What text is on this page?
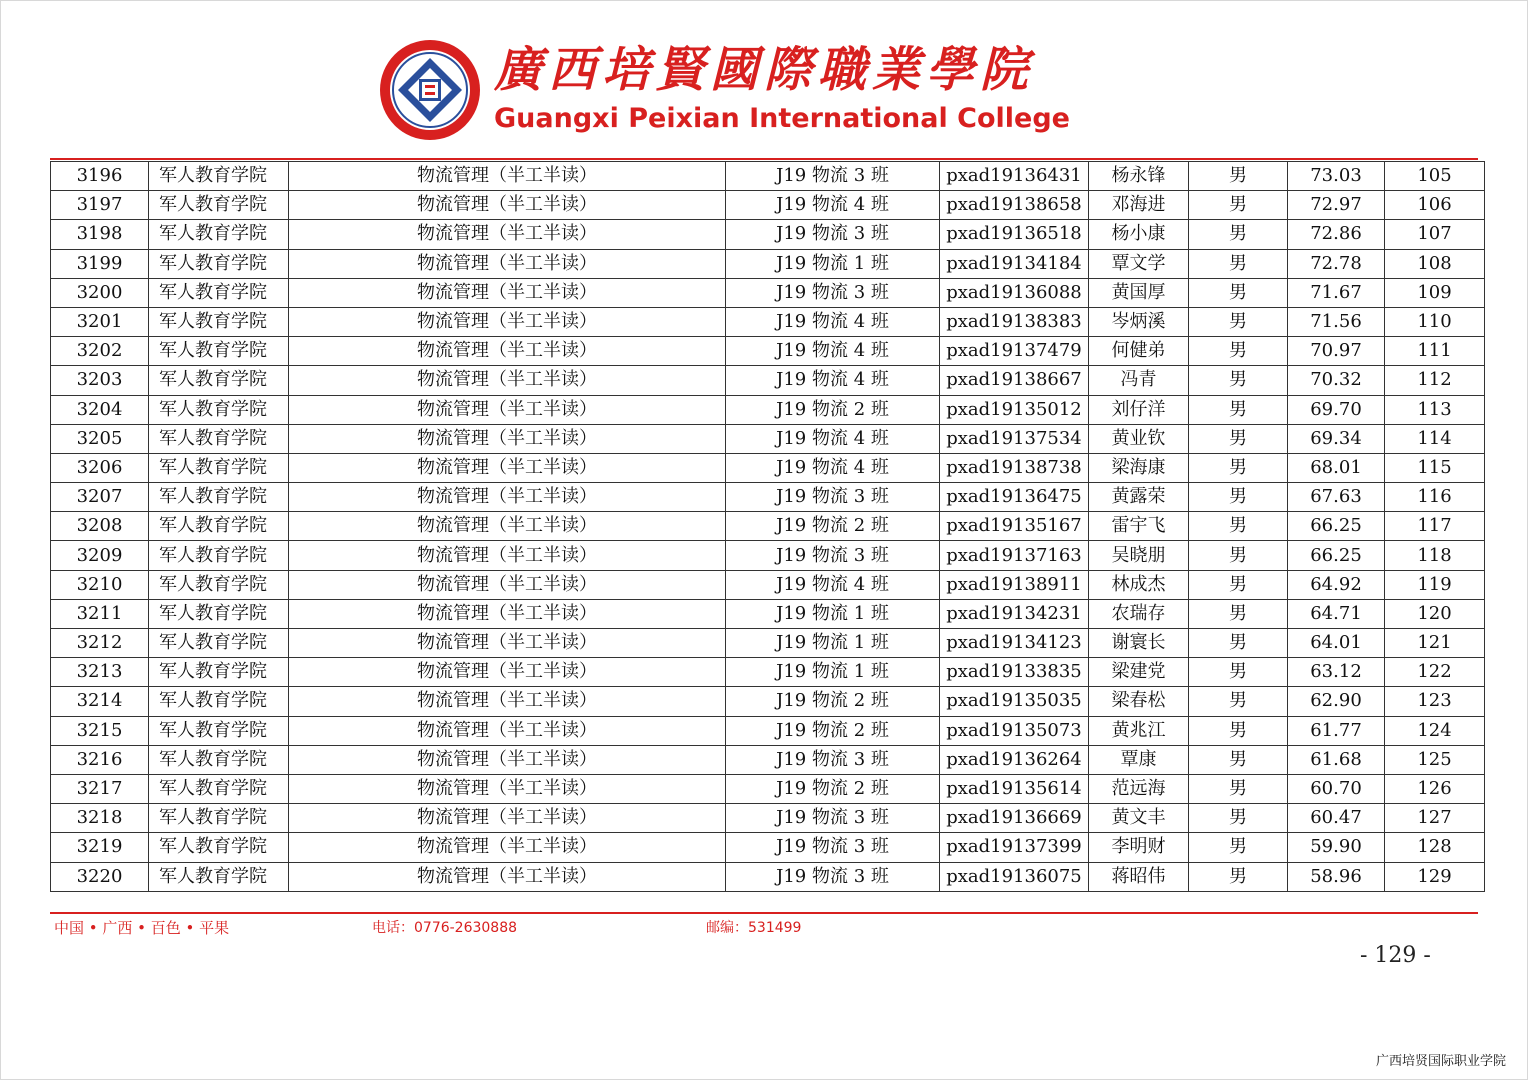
廣西培賢國際職業學院
Guangxi Peixian International College
3196	军人教育学院	物流管理（半工半读）	J19 物流 3 班	pxad19136431	杨永锋	男	73.03	105
3197	军人教育学院	物流管理（半工半读）	J19 物流 4 班	pxad19138658	邓海进	男	72.97	106
3198	军人教育学院	物流管理（半工半读）	J19 物流 3 班	pxad19136518	杨小康	男	72.86	107
3199	军人教育学院	物流管理（半工半读）	J19 物流 1 班	pxad19134184	覃文学	男	72.78	108
3200	军人教育学院	物流管理（半工半读）	J19 物流 3 班	pxad19136088	黄国厚	男	71.67	109
3201	军人教育学院	物流管理（半工半读）	J19 物流 4 班	pxad19138383	岑炳溪	男	71.56	110
3202	军人教育学院	物流管理（半工半读）	J19 物流 4 班	pxad19137479	何健弟	男	70.97	111
3203	军人教育学院	物流管理（半工半读）	J19 物流 4 班	pxad19138667	冯青	男	70.32	112
3204	军人教育学院	物流管理（半工半读）	J19 物流 2 班	pxad19135012	刘仔洋	男	69.70	113
3205	军人教育学院	物流管理（半工半读）	J19 物流 4 班	pxad19137534	黄业钦	男	69.34	114
3206	军人教育学院	物流管理（半工半读）	J19 物流 4 班	pxad19138738	梁海康	男	68.01	115
3207	军人教育学院	物流管理（半工半读）	J19 物流 3 班	pxad19136475	黄露荣	男	67.63	116
3208	军人教育学院	物流管理（半工半读）	J19 物流 2 班	pxad19135167	雷宇飞	男	66.25	117
3209	军人教育学院	物流管理（半工半读）	J19 物流 3 班	pxad19137163	吴晓朋	男	66.25	118
3210	军人教育学院	物流管理（半工半读）	J19 物流 4 班	pxad19138911	林成杰	男	64.92	119
3211	军人教育学院	物流管理（半工半读）	J19 物流 1 班	pxad19134231	农瑞存	男	64.71	120
3212	军人教育学院	物流管理（半工半读）	J19 物流 1 班	pxad19134123	谢寰长	男	64.01	121
3213	军人教育学院	物流管理（半工半读）	J19 物流 1 班	pxad19133835	梁建党	男	63.12	122
3214	军人教育学院	物流管理（半工半读）	J19 物流 2 班	pxad19135035	梁春松	男	62.90	123
3215	军人教育学院	物流管理（半工半读）	J19 物流 2 班	pxad19135073	黄兆江	男	61.77	124
3216	军人教育学院	物流管理（半工半读）	J19 物流 3 班	pxad19136264	覃康	男	61.68	125
3217	军人教育学院	物流管理（半工半读）	J19 物流 2 班	pxad19135614	范远海	男	60.70	126
3218	军人教育学院	物流管理（半工半读）	J19 物流 3 班	pxad19136669	黄文丰	男	60.47	127
3219	军人教育学院	物流管理（半工半读）	J19 物流 3 班	pxad19137399	李明财	男	59.90	128
3220	军人教育学院	物流管理（半工半读）	J19 物流 3 班	pxad19136075	蒋昭伟	男	58.96	129
中国 • 广西 • 百色 • 平果	电话：0776-2630888	邮编：531499
- 129 -
广西培贤国际职业学院
